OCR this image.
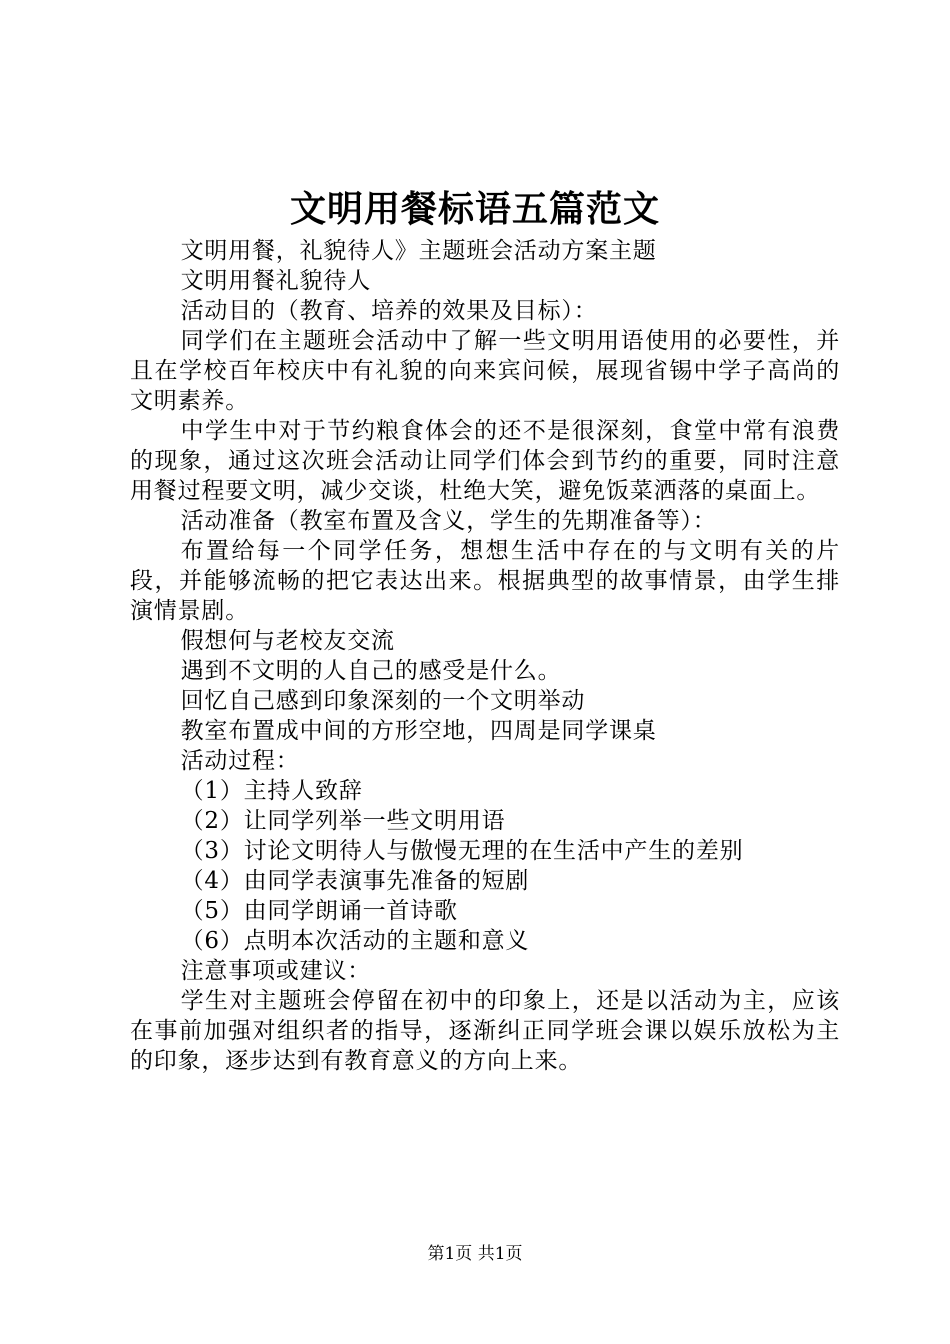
文明用餐标语五篇范文

文明用餐，礼貌待人》主题班会活动方案主题

文明用餐礼貌待人

活动目的（教育、培养的效果及目标）：

同学们在主题班会活动中了解一些文明用语使用的必要性，并且在学校百年校庆中有礼貌的向来宾问候，展现省锡中学子高尚的文明素养。

中学生中对于节约粮食体会的还不是很深刻，食堂中常有浪费的现象，通过这次班会活动让同学们体会到节约的重要，同时注意用餐过程要文明，减少交谈，杜绝大笑，避免饭菜洒落的桌面上。

活动准备（教室布置及含义，学生的先期准备等）：

布置给每一个同学任务，想想生活中存在的与文明有关的片段，并能够流畅的把它表达出来。根据典型的故事情景，由学生排演情景剧。

假想何与老校友交流

遇到不文明的人自己的感受是什么。

回忆自己感到印象深刻的一个文明举动

教室布置成中间的方形空地，四周是同学课桌

活动过程：

（1）主持人致辞

（2）让同学列举一些文明用语

（3）讨论文明待人与傲慢无理的在生活中产生的差别

（4）由同学表演事先准备的短剧

（5）由同学朗诵一首诗歌

（6）点明本次活动的主题和意义

注意事项或建议：

学生对主题班会停留在初中的印象上，还是以活动为主，应该在事前加强对组织者的指导，逐渐纠正同学班会课以娱乐放松为主的印象，逐步达到有教育意义的方向上来。

第1页 共1页
